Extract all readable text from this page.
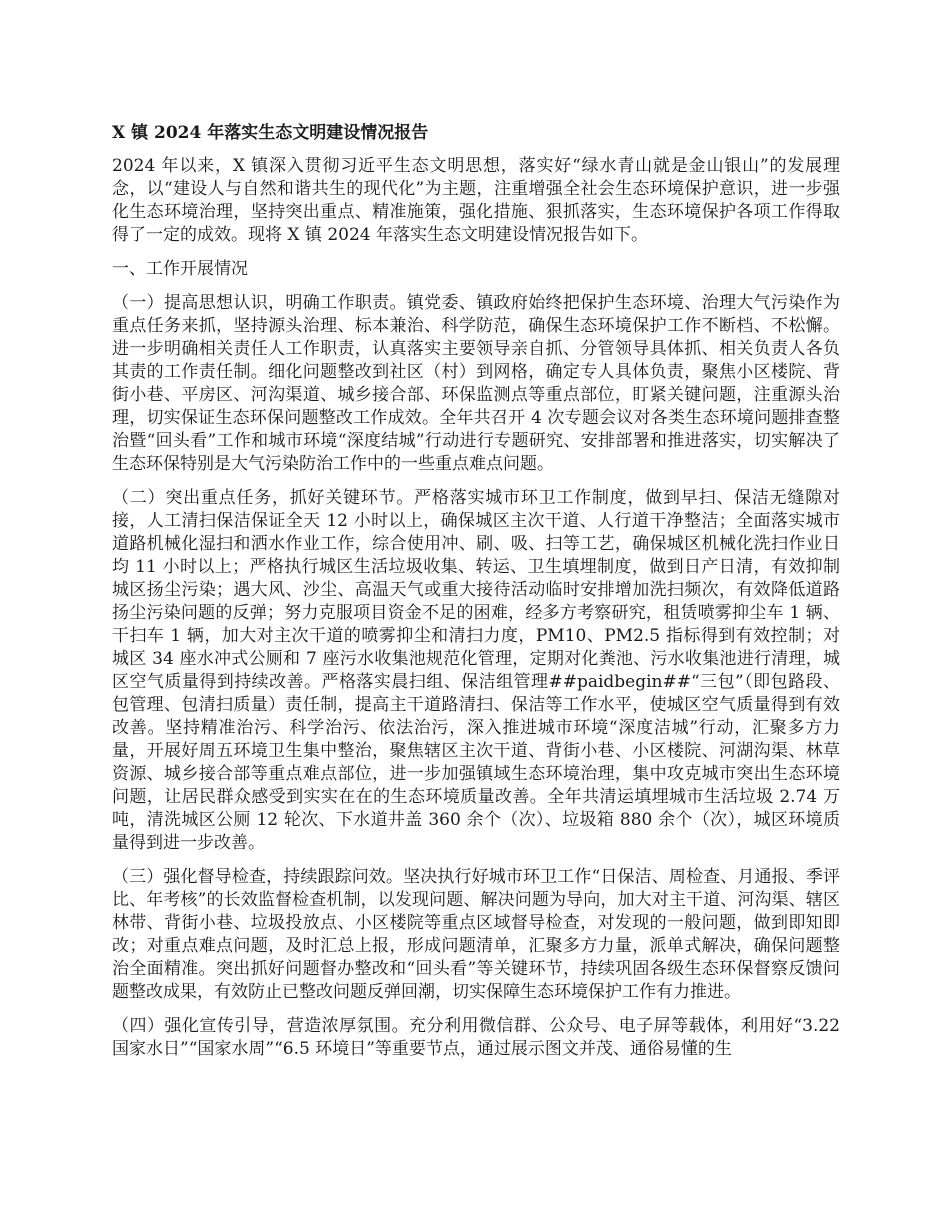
X 镇 2024 年落实生态文明建设情况报告
2024 年以来，X 镇深入贯彻习近平生态文明思想，落实好“绿水青山就是金山银山”的发展理念，以“建设人与自然和谐共生的现代化”为主题，注重增强全社会生态环境保护意识，进一步强化生态环境治理，坚持突出重点、精准施策，强化措施、狠抓落实，生态环境保护各项工作得取得了一定的成效。现将 X 镇 2024 年落实生态文明建设情况报告如下。
一、工作开展情况
（一）提高思想认识，明确工作职责。镇党委、镇政府始终把保护生态环境、治理大气污染作为重点任务来抓，坚持源头治理、标本兼治、科学防范，确保生态环境保护工作不断档、不松懈。进一步明确相关责任人工作职责，认真落实主要领导亲自抓、分管领导具体抓、相关负责人各负其责的工作责任制。细化问题整改到社区（村）到网格，确定专人具体负责，聚焦小区楼院、背街小巷、平房区、河沟渠道、城乡接合部、环保监测点等重点部位，盯紧关键问题，注重源头治理，切实保证生态环保问题整改工作成效。全年共召开 4 次专题会议对各类生态环境问题排查整治暨“回头看”工作和城市环境“深度结城”行动进行专题研究、安排部署和推进落实，切实解决了生态环保特别是大气污染防治工作中的一些重点难点问题。
（二）突出重点任务，抓好关键环节。严格落实城市环卫工作制度，做到早扫、保洁无缝隙对接，人工清扫保洁保证全天 12 小时以上，确保城区主次干道、人行道干净整洁；全面落实城市道路机械化湿扫和洒水作业工作，综合使用冲、刷、吸、扫等工艺，确保城区机械化洗扫作业日均 11 小时以上；严格执行城区生活垃圾收集、转运、卫生填埋制度，做到日产日清，有效抑制城区扬尘污染；遇大风、沙尘、高温天气或重大接待活动临时安排增加洗扫频次，有效降低道路扬尘污染问题的反弹；努力克服项目资金不足的困难，经多方考察研究，租赁喷雾抑尘车 1 辆、干扫车 1 辆，加大对主次干道的喷雾抑尘和清扫力度，PM10、PM2.5 指标得到有效控制；对城区 34 座水冲式公厕和 7 座污水收集池规范化管理，定期对化粪池、污水收集池进行清理，城区空气质量得到持续改善。严格落实晨扫组、保洁组管理##paidbegin##“三包”（即包路段、包管理、包清扫质量）责任制，提高主干道路清扫、保洁等工作水平，使城区空气质量得到有效改善。坚持精准治污、科学治污、依法治污，深入推进城市环境“深度洁城”行动，汇聚多方力量，开展好周五环境卫生集中整治，聚焦辖区主次干道、背街小巷、小区楼院、河湖沟渠、林草资源、城乡接合部等重点难点部位，进一步加强镇域生态环境治理，集中攻克城市突出生态环境问题，让居民群众感受到实实在在的生态环境质量改善。全年共清运填埋城市生活垃圾 2.74 万吨，清洗城区公厕 12 轮次、下水道井盖 360 余个（次）、垃圾箱 880 余个（次），城区环境质量得到进一步改善。
（三）强化督导检查，持续跟踪问效。坚决执行好城市环卫工作“日保洁、周检查、月通报、季评比、年考核”的长效监督检查机制，以发现问题、解决问题为导向，加大对主干道、河沟渠、辖区林带、背街小巷、垃圾投放点、小区楼院等重点区域督导检查，对发现的一般问题，做到即知即改；对重点难点问题，及时汇总上报，形成问题清单，汇聚多方力量，派单式解决，确保问题整治全面精准。突出抓好问题督办整改和“回头看”等关键环节，持续巩固各级生态环保督察反馈问题整改成果，有效防止已整改问题反弹回潮，切实保障生态环境保护工作有力推进。
（四）强化宣传引导，营造浓厚氛围。充分利用微信群、公众号、电子屏等载体，利用好“3.22 国家水日”“国家水周”“6.5 环境日”等重要节点，通过展示图文并茂、通俗易懂的生
